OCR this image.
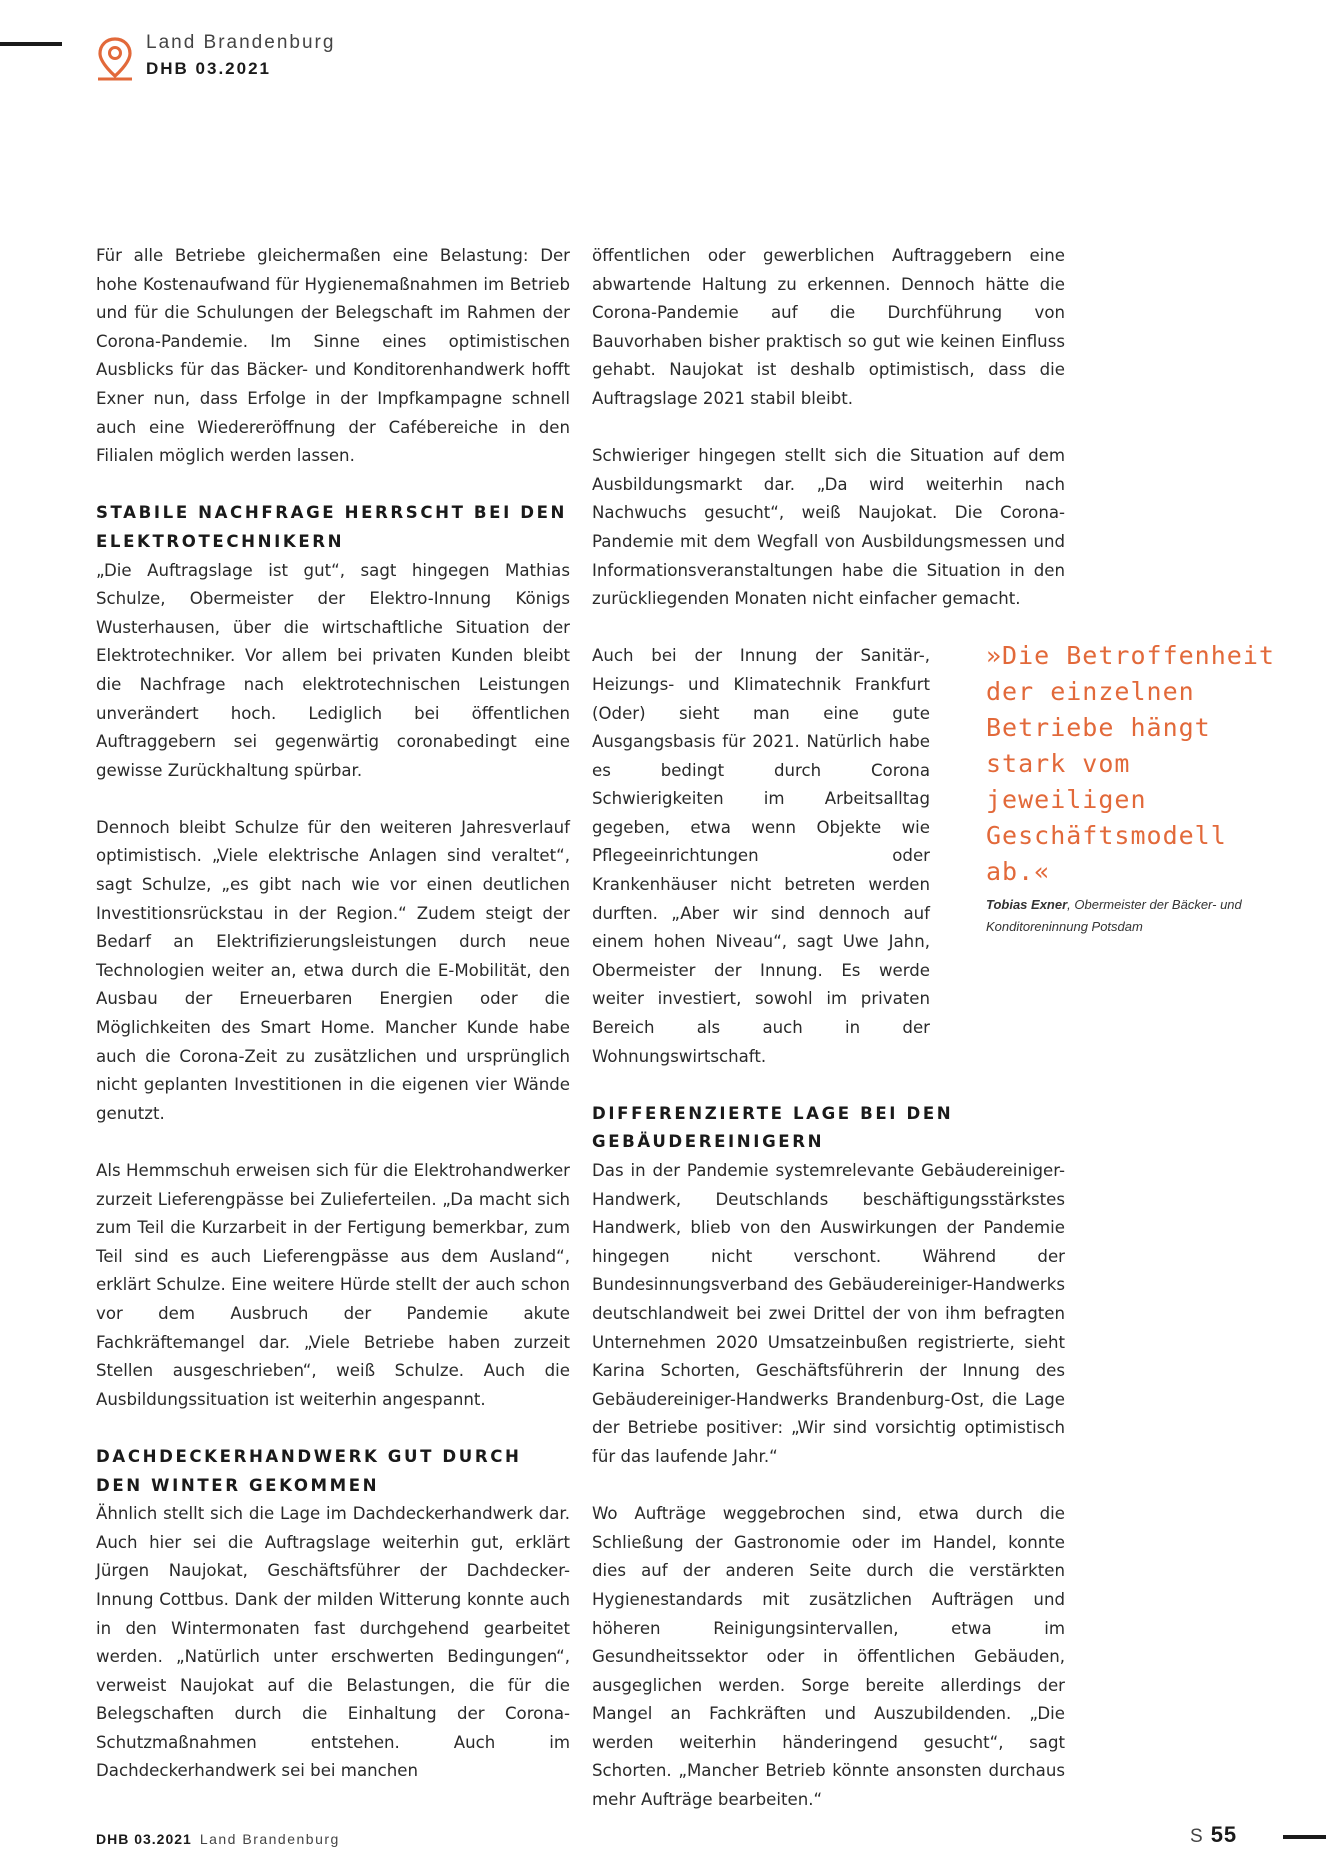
Land Brandenburg
DHB 03.2021

Für alle Betriebe gleichermaßen eine Belastung: Der hohe Kostenaufwand für Hygienemaßnahmen im Betrieb und für die Schulungen der Belegschaft im Rahmen der Corona-Pandemie. Im Sinne eines optimistischen Ausblicks für das Bäcker- und Konditorenhandwerk hofft Exner nun, dass Erfolge in der Impfkampagne schnell auch eine Wiedereröffnung der Cafébereiche in den Filialen möglich werden lassen.

STABILE NACHFRAGE HERRSCHT BEI DEN ELEKTROTECHNIKERN

„Die Auftragslage ist gut“, sagt hingegen Mathias Schulze, Obermeister der Elektro-Innung Königs Wusterhausen, über die wirtschaftliche Situation der Elektrotechniker. Vor allem bei privaten Kunden bleibt die Nachfrage nach elektrotechnischen Leistungen unverändert hoch. Lediglich bei öffentlichen Auftraggebern sei gegenwärtig coronabedingt eine gewisse Zurückhaltung spürbar.

Dennoch bleibt Schulze für den weiteren Jahresverlauf optimistisch. „Viele elektrische Anlagen sind veraltet“, sagt Schulze, „es gibt nach wie vor einen deutlichen Investitionsrückstau in der Region.“ Zudem steigt der Bedarf an Elektrifizierungsleistungen durch neue Technologien weiter an, etwa durch die E-Mobilität, den Ausbau der Erneuerbaren Energien oder die Möglichkeiten des Smart Home. Mancher Kunde habe auch die Corona-Zeit zu zusätzlichen und ursprünglich nicht geplanten Investitionen in die eigenen vier Wände genutzt.

Als Hemmschuh erweisen sich für die Elektrohandwerker zurzeit Lieferengpässe bei Zulieferteilen. „Da macht sich zum Teil die Kurzarbeit in der Fertigung bemerkbar, zum Teil sind es auch Lieferengpässe aus dem Ausland“, erklärt Schulze. Eine weitere Hürde stellt der auch schon vor dem Ausbruch der Pandemie akute Fachkräftemangel dar. „Viele Betriebe haben zurzeit Stellen ausgeschrieben“, weiß Schulze. Auch die Ausbildungssituation ist weiterhin angespannt.

DACHDECKERHANDWERK GUT DURCH DEN WINTER GEKOMMEN

Ähnlich stellt sich die Lage im Dachdeckerhandwerk dar. Auch hier sei die Auftragslage weiterhin gut, erklärt Jürgen Naujokat, Geschäftsführer der Dachdecker-Innung Cottbus. Dank der milden Witterung konnte auch in den Wintermonaten fast durchgehend gearbeitet werden. „Natürlich unter erschwerten Bedingungen“, verweist Naujokat auf die Belastungen, die für die Belegschaften durch die Einhaltung der Corona-Schutzmaßnahmen entstehen. Auch im Dachdeckerhandwerk sei bei manchen

öffentlichen oder gewerblichen Auftraggebern eine abwartende Haltung zu erkennen. Dennoch hätte die Corona-Pandemie auf die Durchführung von Bauvorhaben bisher praktisch so gut wie keinen Einfluss gehabt. Naujokat ist deshalb optimistisch, dass die Auftragslage 2021 stabil bleibt.

Schwieriger hingegen stellt sich die Situation auf dem Ausbildungsmarkt dar. „Da wird weiterhin nach Nachwuchs gesucht“, weiß Naujokat. Die Corona-Pandemie mit dem Wegfall von Ausbildungsmessen und Informationsveranstaltungen habe die Situation in den zurückliegenden Monaten nicht einfacher gemacht.

Auch bei der Innung der Sanitär-, Heizungs- und Klimatechnik Frankfurt (Oder) sieht man eine gute Ausgangsbasis für 2021. Natürlich habe es bedingt durch Corona Schwierigkeiten im Arbeitsalltag gegeben, etwa wenn Objekte wie Pflegeeinrichtungen oder Krankenhäuser nicht betreten werden durften. „Aber wir sind dennoch auf einem hohen Niveau“, sagt Uwe Jahn, Obermeister der Innung. Es werde weiter investiert, sowohl im privaten Bereich als auch in der Wohnungswirtschaft.

DIFFERENZIERTE LAGE BEI DEN GEBÄUDEREINIGERN

Das in der Pandemie systemrelevante Gebäudereiniger-Handwerk, Deutschlands beschäftigungsstärkstes Handwerk, blieb von den Auswirkungen der Pandemie hingegen nicht verschont. Während der Bundesinnungsverband des Gebäudereiniger-Handwerks deutschlandweit bei zwei Drittel der von ihm befragten Unternehmen 2020 Umsatzeinbußen registrierte, sieht Karina Schorten, Geschäftsführerin der Innung des Gebäudereiniger-Handwerks Brandenburg-Ost, die Lage der Betriebe positiver: „Wir sind vorsichtig optimistisch für das laufende Jahr.“

Wo Aufträge weggebrochen sind, etwa durch die Schließung der Gastronomie oder im Handel, konnte dies auf der anderen Seite durch die verstärkten Hygienestandards mit zusätzlichen Aufträgen und höheren Reinigungsintervallen, etwa im Gesundheitssektor oder in öffentlichen Gebäuden, ausgeglichen werden. Sorge bereite allerdings der Mangel an Fachkräften und Auszubildenden. „Die werden weiterhin händeringend gesucht“, sagt Schorten. „Mancher Betrieb könnte ansonsten durchaus mehr Aufträge bearbeiten.“

»Die Betroffenheit der einzelnen Betriebe hängt stark vom jeweiligen Geschäftsmodell ab.«
Tobias Exner, Obermeister der Bäcker- und Konditoreninnung Potsdam
DHB 03.2021 Land Brandenburg	S 55
